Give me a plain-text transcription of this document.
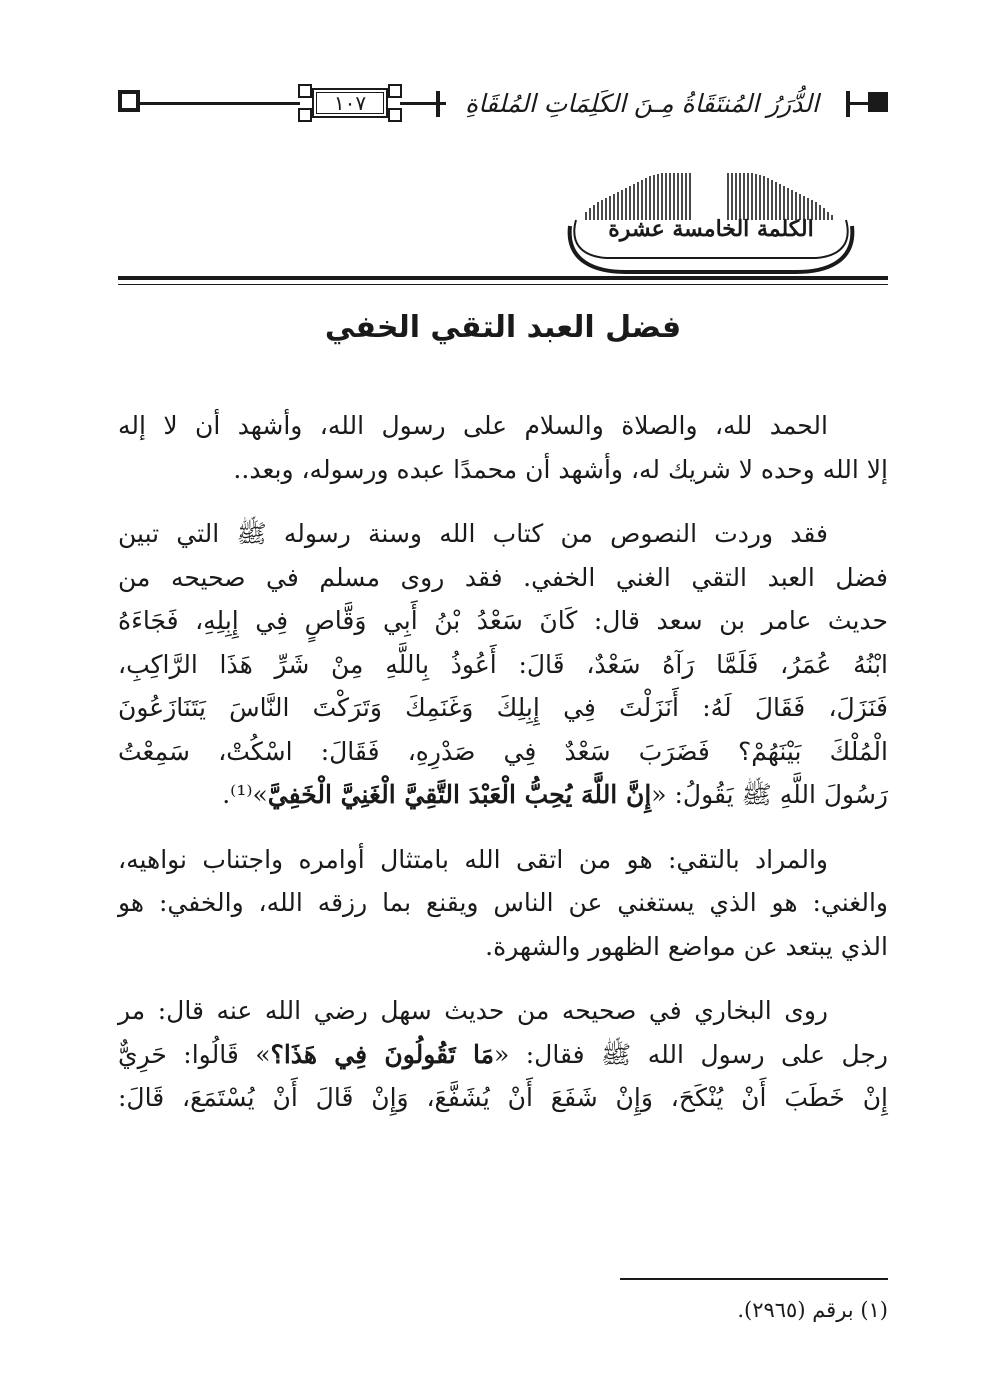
١٠٧	الدُّرَرُ المُنتَقَاةُ مِـنَ الكَلِمَاتِ المُلقَاةِ
الكلمة الخامسة عشرة
فضل العبد التقي الخفي
الحمد لله، والصلاة والسلام على رسول الله، وأشهد أن لا إله
إلا الله وحده لا شريك له، وأشهد أن محمدًا عبده ورسوله، وبعد..
فقد وردت النصوص من كتاب الله وسنة رسوله ﷺ التي تبين
فضل العبد التقي الغني الخفي. فقد روى مسلم في صحيحه من
حديث عامر بن سعد قال: كَانَ سَعْدُ بْنُ أَبِي وَقَّاصٍ فِي إِبِلِهِ، فَجَاءَهُ
ابْنُهُ عُمَرُ، فَلَمَّا رَآهُ سَعْدٌ، قَالَ: أَعُوذُ بِاللَّهِ مِنْ شَرِّ هَذَا الرَّاكِبِ،
فَنَزَلَ، فَقَالَ لَهُ: أَنَزَلْتَ فِي إِبِلِكَ وَغَنَمِكَ وَتَرَكْتَ النَّاسَ يَتَنَازَعُونَ
الْمُلْكَ بَيْنَهُمْ؟ فَضَرَبَ سَعْدٌ فِي صَدْرِهِ، فَقَالَ: اسْكُتْ، سَمِعْتُ
رَسُولَ اللَّهِ ﷺ يَقُولُ: «إِنَّ اللَّهَ يُحِبُّ الْعَبْدَ التَّقِيَّ الْغَنِيَّ الْخَفِيَّ»⁽¹⁾.
والمراد بالتقي: هو من اتقى الله بامتثال أوامره واجتناب نواهيه،
والغني: هو الذي يستغني عن الناس ويقنع بما رزقه الله، والخفي: هو
الذي يبتعد عن مواضع الظهور والشهرة.
روى البخاري في صحيحه من حديث سهل رضي الله عنه قال: مر
رجل على رسول الله ﷺ فقال: «مَا تَقُولُونَ فِي هَذَا؟» قَالُوا: حَرِيٌّ
إِنْ خَطَبَ أَنْ يُنْكَحَ، وَإِنْ شَفَعَ أَنْ يُشَفَّعَ، وَإِنْ قَالَ أَنْ يُسْتَمَعَ، قَالَ:
(١) برقم (٢٩٦٥).
